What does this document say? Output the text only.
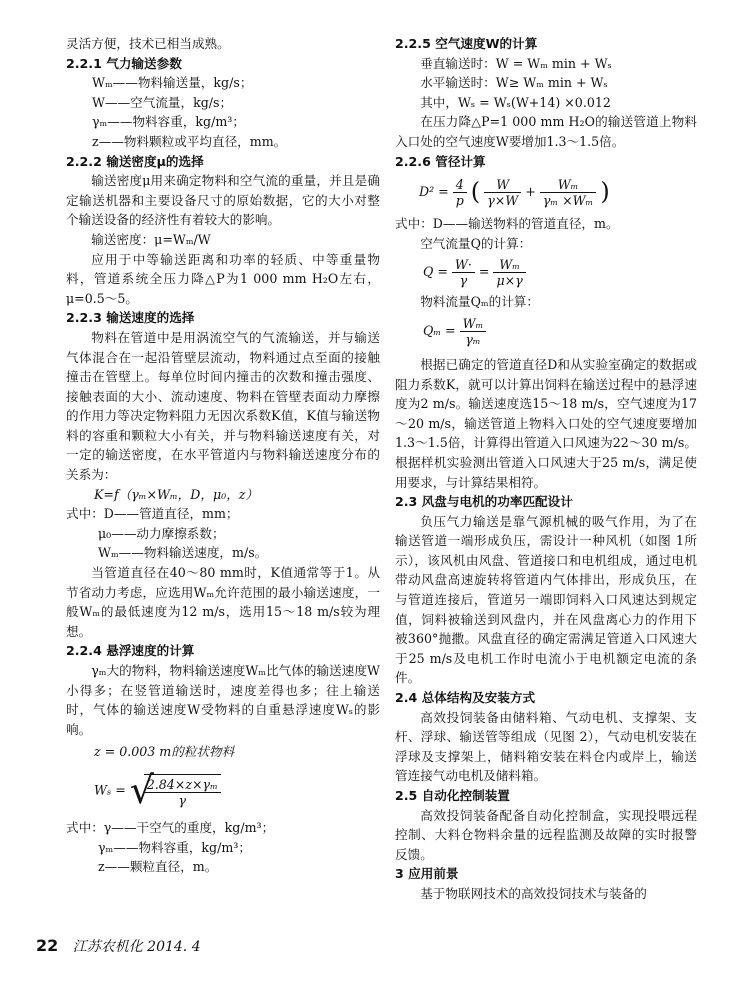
灵活方便，技术已相当成熟。

2.2.1 气力输送参数

Wₘ——物料输送量，kg/s；

W——空气流量，kg/s；

γₘ——物料容重，kg/m³；

z——物料颗粒或平均直径，mm。

2.2.2 输送密度μ的选择

输送密度μ用来确定物料和空气流的重量，并且是确定输送机器和主要设备尺寸的原始数据，它的大小对整个输送设备的经济性有着较大的影响。

输送密度：μ=Wₘ/W

应用于中等输送距离和功率的轻质、中等重量物料，管道系统全压力降△P为1 000 mm H₂O左右，μ=0.5～5。

2.2.3 输送速度的选择

物料在管道中是用涡流空气的气流输送，并与输送气体混合在一起沿管壁层流动，物料通过点至面的接触撞击在管壁上。每单位时间内撞击的次数和撞击强度、接触表面的大小、流动速度、物料在管壁表面动力摩擦的作用力等决定物料阻力无因次系数K值，K值与输送物料的容重和颗粒大小有关，并与物料输送速度有关，对一定的输送密度，在水平管道内与物料输送速度分布的关系为：

K=f（γₘ×Wₘ，D，μ₀，z）

式中：D——管道直径，mm；

μ₀——动力摩擦系数；

Wₘ——物料输送速度，m/s。

当管道直径在40～80 mm时，K值通常等于1。从节省动力考虑，应选用Wₘ允许范围的最小输送速度，一般Wₘ的最低速度为12 m/s，选用15～18 m/s较为理想。

2.2.4 悬浮速度的计算

γₘ大的物料，物料输送速度Wₘ比气体的输送速度W小得多；在竖管道输送时，速度差得也多；往上输送时，气体的输送速度W受物料的自重悬浮速度Wₛ的影响。

z = 0.003 m的粒状物料

Wₛ = √
$\frac{\text{2.84×z×γₘ}}{\gamma}$

式中：γ——干空气的重度，kg/m³；

γₘ——物料容重，kg/m³；

z——颗粒直径，m。

2.2.5 空气速度W的计算

垂直输送时：W = Wₘ min + Wₛ

水平输送时：W≥ Wₘ min + Wₛ

其中，Wₛ = Wₛ(W+14) ×0.012

在压力降△P=1 000 mm H₂O的输送管道上物料入口处的空气速度W要增加1.3～1.5倍。

2.2.6 管径计算

$D^2 = \frac{4}{p}$ ( $\frac{W}{\gamma\times W} + \frac{\text{Wₘ}}{\text{γₘ ×Wₘ}}$ )

式中：D——输送物料的管道直径，m。

空气流量Q的计算：

$Q = \frac{W\cdot}{\gamma} = \frac{\text{Wₘ}}{\mu\times\gamma}$

物料流量Qₘ的计算：

$Q_m = \frac{\text{Wₘ}}{\text{γₘ}}$

根据已确定的管道直径D和从实验室确定的数据或阻力系数K，就可以计算出饲料在输送过程中的悬浮速度为2 m/s。输送速度选15～18 m/s，空气速度为17～20 m/s，输送管道上物料入口处的空气速度要增加1.3～1.5倍，计算得出管道入口风速为22～30 m/s。根据样机实验测出管道入口风速大于25 m/s，满足使用要求，与计算结果相符。

2.3 风盘与电机的功率匹配设计

负压气力输送是靠气源机械的吸气作用，为了在输送管道一端形成负压，需设计一种风机（如图 1所示），该风机由风盘、管道接口和电机组成，通过电机带动风盘高速旋转将管道内气体排出，形成负压，在与管道连接后，管道另一端即饲料入口风速达到规定值，饲料被输送到风盘内，并在风盘离心力的作用下被360°抛撒。风盘直径的确定需满足管道入口风速大于25 m/s及电机工作时电流小于电机额定电流的条件。

2.4 总体结构及安装方式

高效投饲装备由储料箱、气动电机、支撑架、支杆、浮球、输送管等组成（见图 2），气动电机安装在浮球及支撑架上，储料箱安装在料仓内或岸上，输送管连接气动电机及储料箱。

2.5 自动化控制装置

高效投饲装备配备自动化控制盒，实现投喂远程控制、大料仓物料余量的远程监测及故障的实时报警反馈。

3 应用前景

基于物联网技术的高效投饲技术与装备的

22 江苏农机化 2014. 4
